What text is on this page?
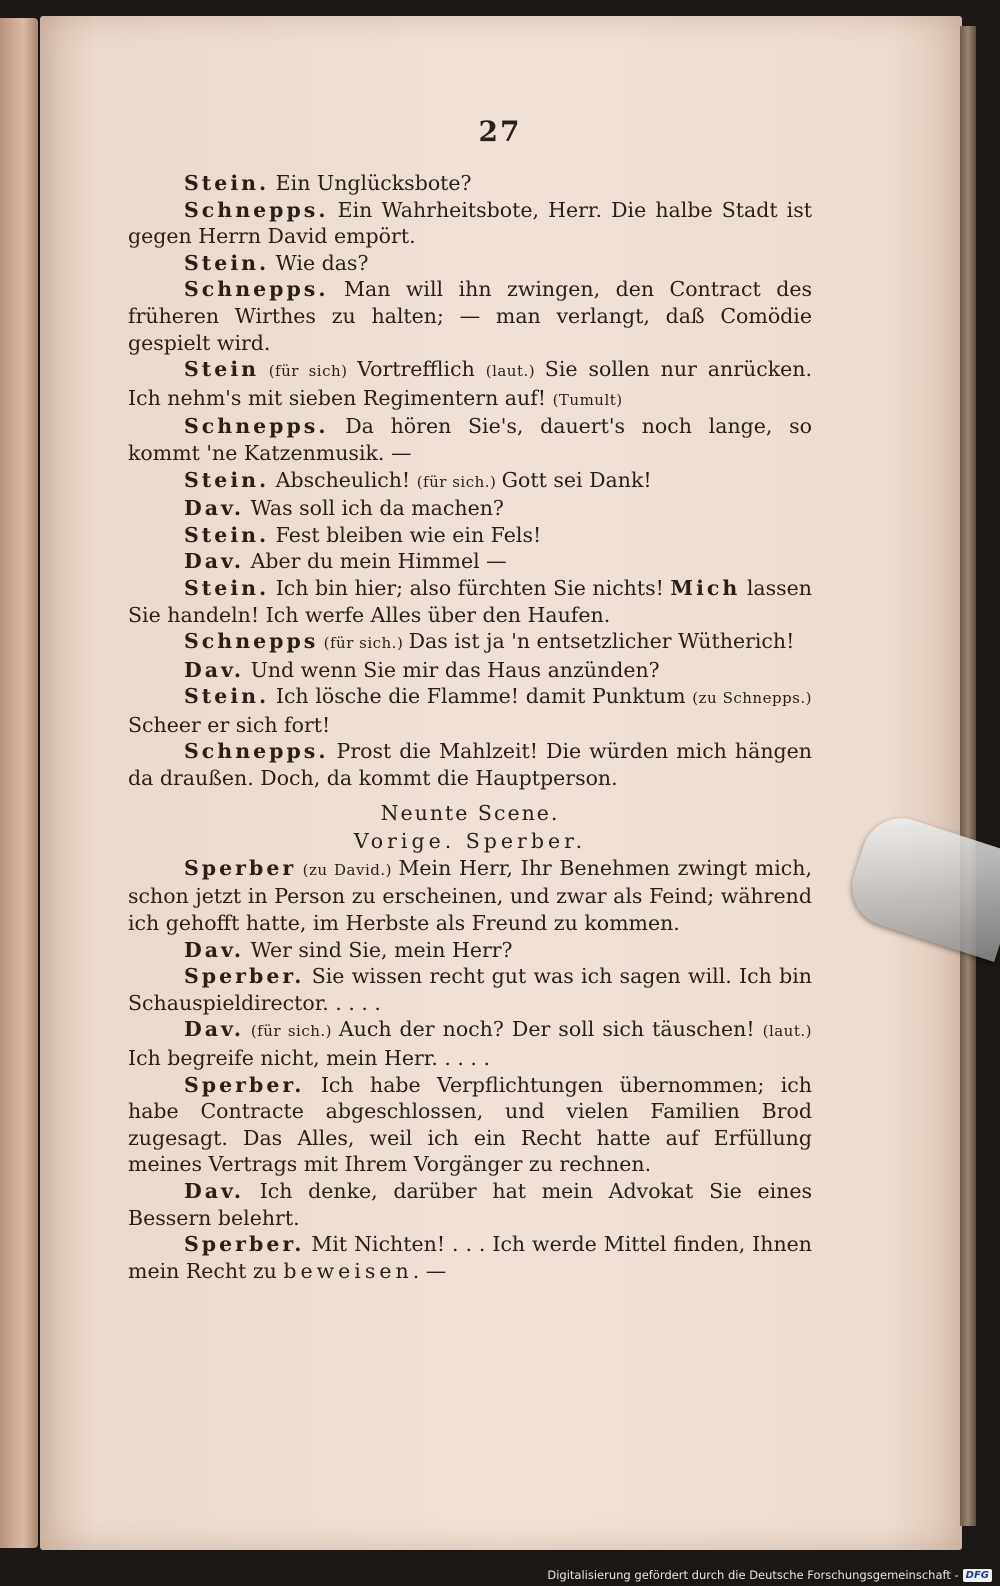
27

Stein. Ein Unglücksbote?

Schnepps. Ein Wahrheitsbote, Herr. Die halbe Stadt ist gegen Herrn David empört.

Stein. Wie das?

Schnepps. Man will ihn zwingen, den Contract des früheren Wirthes zu halten; — man verlangt, daß Comödie gespielt wird.

Stein (für sich) Vortrefflich (laut.) Sie sollen nur anrücken. Ich nehm's mit sieben Regimentern auf! (Tumult)

Schnepps. Da hören Sie's, dauert's noch lange, so kommt 'ne Katzenmusik. —

Stein. Abscheulich! (für sich.) Gott sei Dank!

Dav. Was soll ich da machen?

Stein. Fest bleiben wie ein Fels!

Dav. Aber du mein Himmel —

Stein. Ich bin hier; also fürchten Sie nichts! Mich lassen Sie handeln! Ich werfe Alles über den Haufen.

Schnepps (für sich.) Das ist ja 'n entsetzlicher Wütherich!

Dav. Und wenn Sie mir das Haus anzünden?

Stein. Ich lösche die Flamme! damit Punktum (zu Schnepps.) Scheer er sich fort!

Schnepps. Prost die Mahlzeit! Die würden mich hängen da draußen. Doch, da kommt die Hauptperson.

Neunte Scene.

Vorige. Sperber.

Sperber (zu David.) Mein Herr, Ihr Benehmen zwingt mich, schon jetzt in Person zu erscheinen, und zwar als Feind; während ich gehofft hatte, im Herbste als Freund zu kommen.

Dav. Wer sind Sie, mein Herr?

Sperber. Sie wissen recht gut was ich sagen will. Ich bin Schauspieldirector. . . . .

Dav. (für sich.) Auch der noch? Der soll sich täuschen! (laut.) Ich begreife nicht, mein Herr. . . . .

Sperber. Ich habe Verpflichtungen übernommen; ich habe Contracte abgeschlossen, und vielen Familien Brod zugesagt. Das Alles, weil ich ein Recht hatte auf Erfüllung meines Vertrags mit Ihrem Vorgänger zu rechnen.

Dav. Ich denke, darüber hat mein Advokat Sie eines Bessern belehrt.

Sperber. Mit Nichten! . . . Ich werde Mittel finden, Ihnen mein Recht zu beweisen. —

Digitalisierung gefördert durch die Deutsche Forschungsgemeinschaft - DFG
